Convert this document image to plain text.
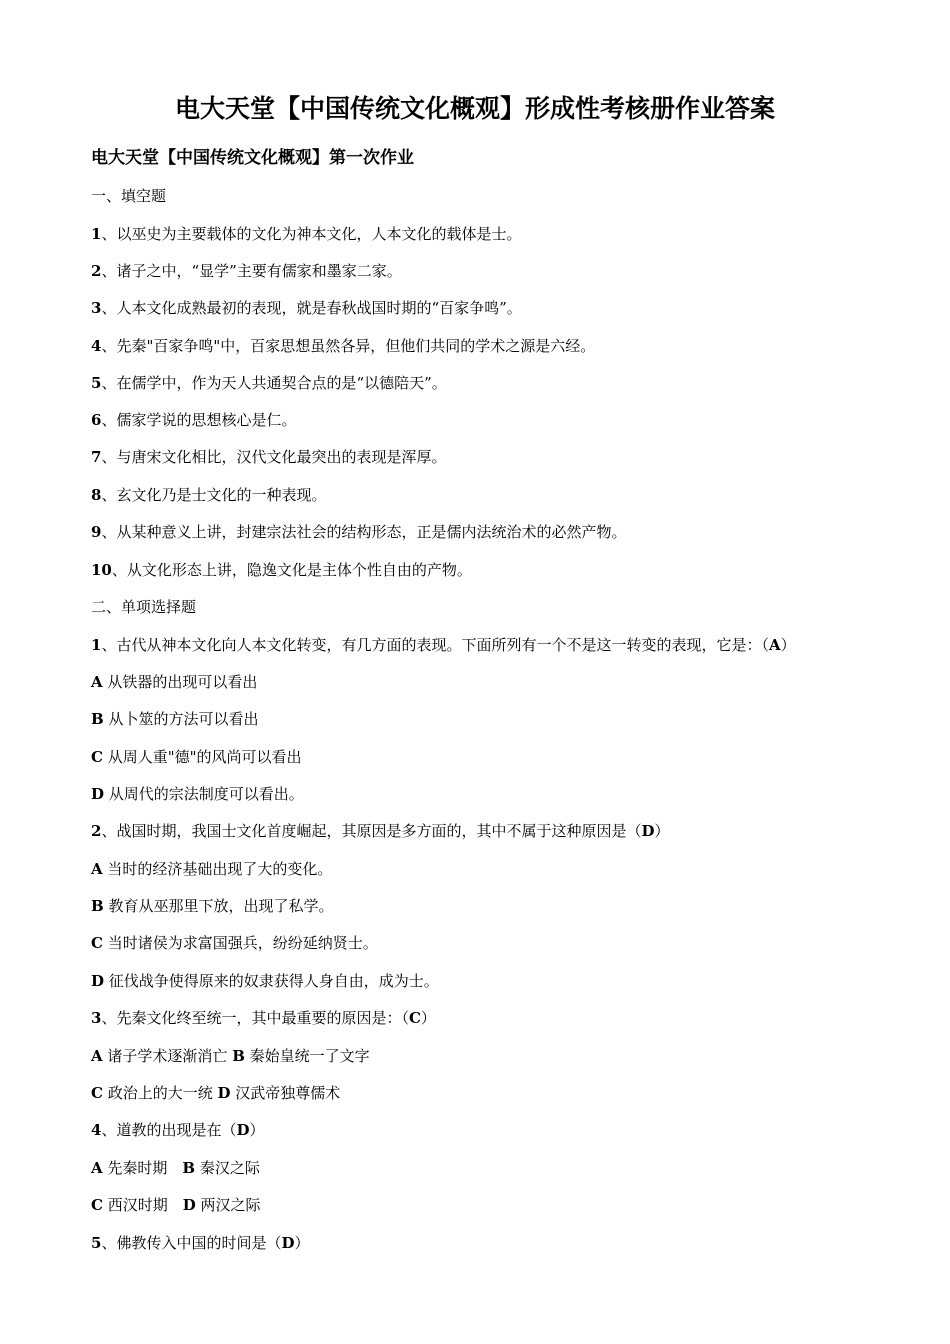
电大天堂【中国传统文化概观】形成性考核册作业答案
电大天堂【中国传统文化概观】第一次作业
一、填空题
1、以巫史为主要载体的文化为神本文化，人本文化的载体是士。
2、诸子之中，“显学”主要有儒家和墨家二家。
3、人本文化成熟最初的表现，就是春秋战国时期的“百家争鸣”。
4、先秦"百家争鸣"中，百家思想虽然各异，但他们共同的学术之源是六经。
5、在儒学中，作为天人共通契合点的是“以德陪天”。
6、儒家学说的思想核心是仁。
7、与唐宋文化相比，汉代文化最突出的表现是浑厚。
8、玄文化乃是士文化的一种表现。
9、从某种意义上讲，封建宗法社会的结构形态，正是儒内法统治术的必然产物。
10、从文化形态上讲，隐逸文化是主体个性自由的产物。
二、单项选择题
1、古代从神本文化向人本文化转变，有几方面的表现。下面所列有一个不是这一转变的表现，它是：（A）
A 从铁器的出现可以看出
B 从卜筮的方法可以看出
C 从周人重"德"的风尚可以看出
D 从周代的宗法制度可以看出。
2、战国时期，我国士文化首度崛起，其原因是多方面的，其中不属于这种原因是（D）
A 当时的经济基础出现了大的变化。
B 教育从巫那里下放，出现了私学。
C 当时诸侯为求富国强兵，纷纷延纳贤士。
D 征伐战争使得原来的奴隶获得人身自由，成为士。
3、先秦文化终至统一，其中最重要的原因是：（C）
A 诸子学术逐渐消亡 B 秦始皇统一了文字
C 政治上的大一统 D 汉武帝独尊儒术
4、道教的出现是在（D）
A 先秦时期　B 秦汉之际
C 西汉时期　D 两汉之际
5、佛教传入中国的时间是（D）
